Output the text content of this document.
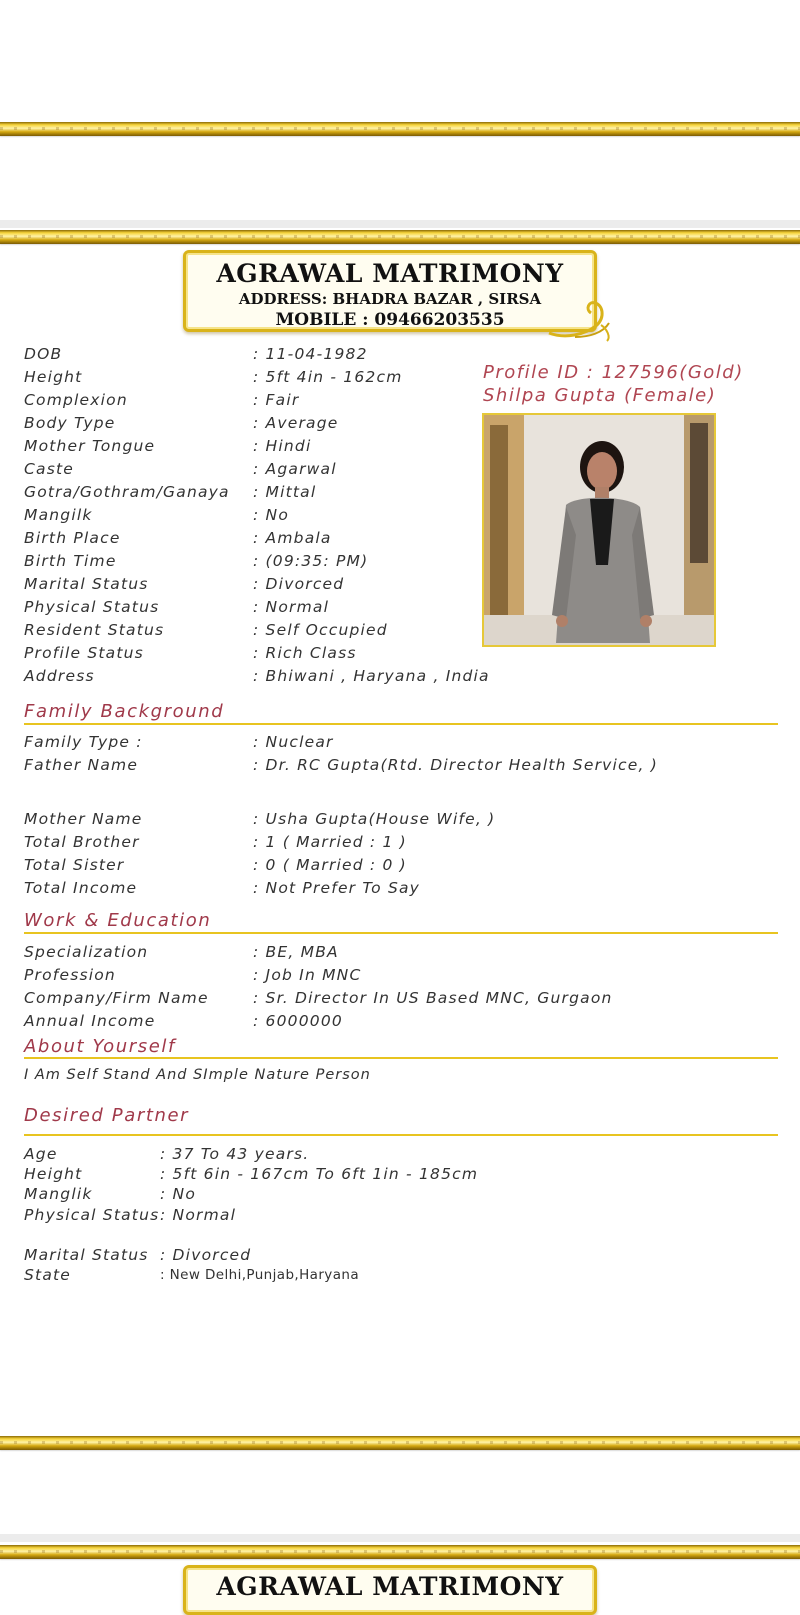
AGRAWAL MATRIMONY
ADDRESS: BHADRA BAZAR , SIRSA
MOBILE : 09466203535
Profile ID : 127596(Gold)
Shilpa Gupta (Female)
DOB	: 11-04-1982
Height	: 5ft 4in - 162cm
Complexion	: Fair
Body Type	: Average
Mother Tongue	: Hindi
Caste	: Agarwal
Gotra/Gothram/Ganaya : Mittal
Mangilk	: No
Birth Place	: Ambala
Birth Time	: (09:35: PM)
Marital Status	: Divorced
Physical Status	: Normal
Resident Status	: Self Occupied
Profile Status	: Rich Class
Address	: Bhiwani , Haryana , India
Family Background
Family Type :	: Nuclear
Father Name	: Dr. RC Gupta(Rtd. Director Health Service, )
Mother Name	: Usha Gupta(House Wife, )
Total Brother	: 1 ( Married : 1 )
Total Sister	: 0 ( Married : 0 )
Total Income	: Not Prefer To Say
Work & Education
Specialization	: BE, MBA
Profession	: Job In MNC
Company/Firm Name	: Sr. Director In US Based MNC, Gurgaon
Annual Income	: 6000000
About Yourself
I Am Self Stand And SImple Nature Person
Desired Partner
Age	: 37 To 43 years.
Height	: 5ft 6in - 167cm To 6ft 1in - 185cm
Manglik	: No
Physical Status : Normal
Marital Status : Divorced
State	: New Delhi,Punjab,Haryana
AGRAWAL MATRIMONY
